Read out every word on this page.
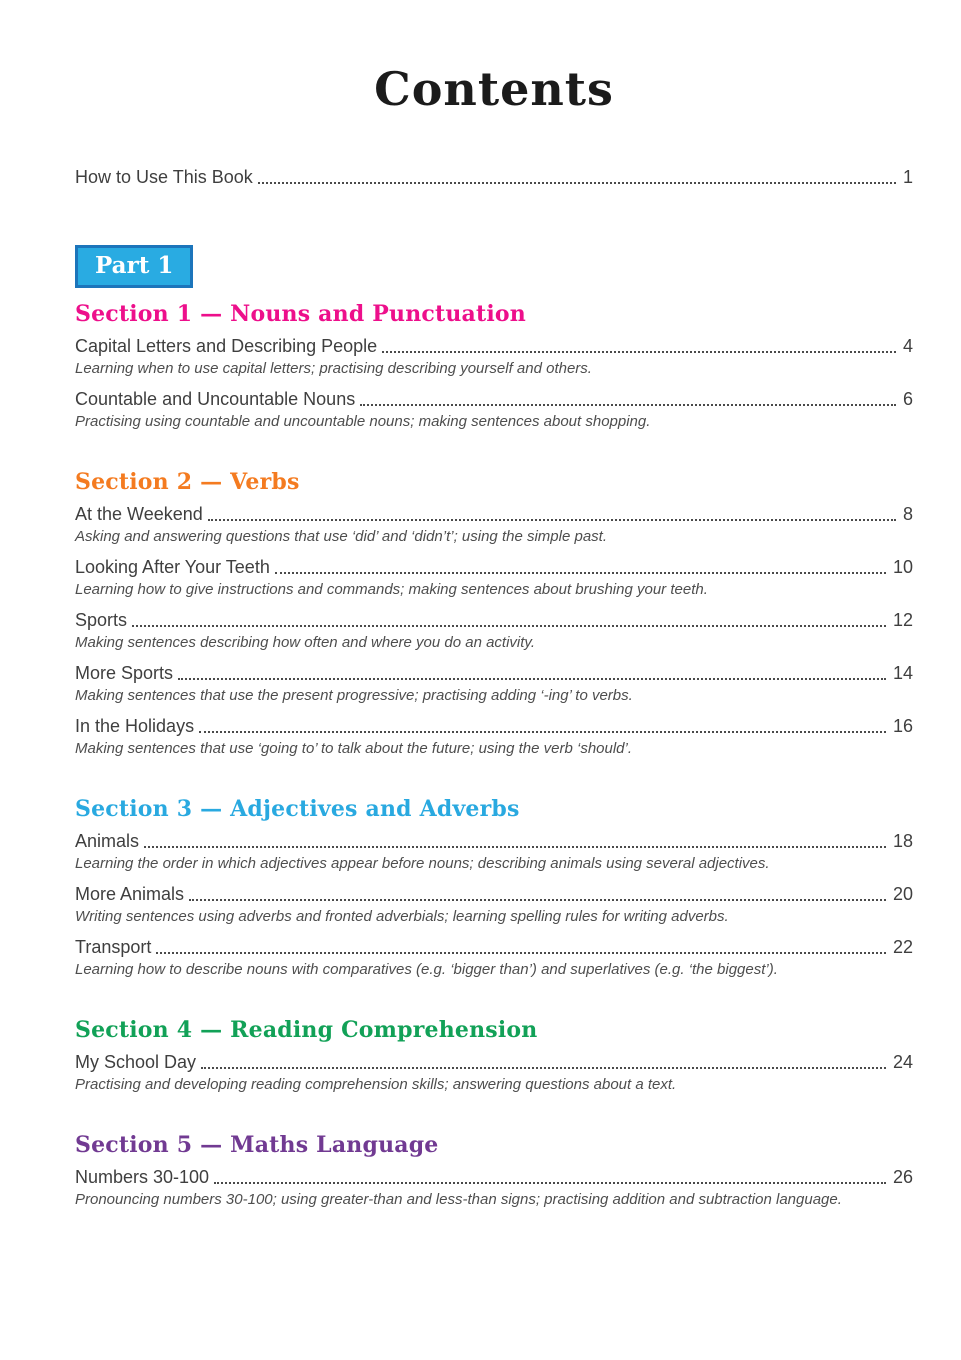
Contents
How to Use This Book	1
Part 1
Section 1 — Nouns and Punctuation
Capital Letters and Describing People	4
Learning when to use capital letters; practising describing yourself and others.
Countable and Uncountable Nouns	6
Practising using countable and uncountable nouns; making sentences about shopping.
Section 2 — Verbs
At the Weekend	8
Asking and answering questions that use ‘did’ and ‘didn’t’; using the simple past.
Looking After Your Teeth	10
Learning how to give instructions and commands; making sentences about brushing your teeth.
Sports	12
Making sentences describing how often and where you do an activity.
More Sports	14
Making sentences that use the present progressive; practising adding ‘-ing’ to verbs.
In the Holidays	16
Making sentences that use ‘going to’ to talk about the future; using the verb ‘should’.
Section 3 — Adjectives and Adverbs
Animals	18
Learning the order in which adjectives appear before nouns; describing animals using several adjectives.
More Animals	20
Writing sentences using adverbs and fronted adverbials; learning spelling rules for writing adverbs.
Transport	22
Learning how to describe nouns with comparatives (e.g. ‘bigger than’) and superlatives (e.g. ‘the biggest’).
Section 4 — Reading Comprehension
My School Day	24
Practising and developing reading comprehension skills; answering questions about a text.
Section 5 — Maths Language
Numbers 30-100	26
Pronouncing numbers 30-100; using greater-than and less-than signs; practising addition and subtraction language.
